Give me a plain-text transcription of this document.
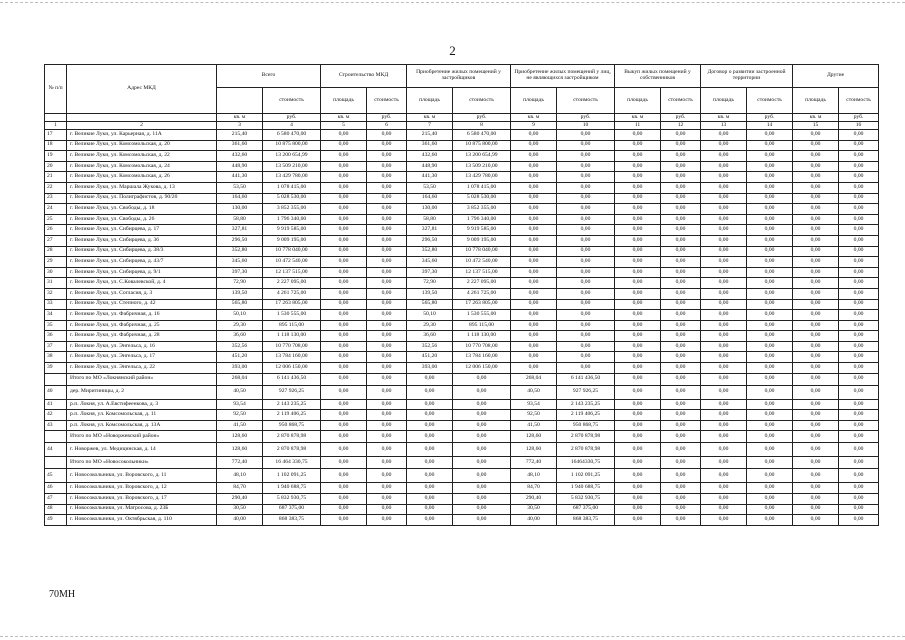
2
№ п/п	Адрес МКД	Всего		Строительство МКД		Приобретение жилых помещений у застройщиков		Приобретение жилых помещений у лиц, не являющихся застройщиком		Выкуп жилых помещений у собственников		Договор о развитии застроенной территории		Другие	
			стоимость	площадь	стоимость	площадь	стоимость	площадь	стоимость	площадь	стоимость	площадь	стоимость	площадь	стоимость
		кв. м	руб.	кв. м	руб.	кв. м	руб.	кв. м	руб.	кв. м	руб.	кв. м	руб.	кв. м	руб.
1	2	3	4	5	6	7	8	9	10	11	12	13	14	15	16
17	г. Великие Луки, ул. Карьерная, д. 11А	215,40	6 580 470,00	0,00	0,00	215,40	6 580 470,00	0,00	0,00	0,00	0,00	0,00	0,00	0,00	0,00
18	г. Великие Луки, ул. Комсомольская, д. 20	361,60	10 875 800,00	0,00	0,00	361,60	10 875 800,00	0,00	0,00	0,00	0,00	0,00	0,00	0,00	0,00
19	г. Великие Луки, ул. Комсомольская, д. 22	432,60	13 200 654,99	0,00	0,00	432,60	13 200 654,99	0,00	0,00	0,00	0,00	0,00	0,00	0,00	0,00
20	г. Великие Луки, ул. Комсомольская, д. 24	448,90	13 509 210,00	0,00	0,00	448,90	13 509 210,00	0,00	0,00	0,00	0,00	0,00	0,00	0,00	0,00
21	г. Великие Луки, ул. Комсомольская, д. 26	441,30	13 429 780,00	0,00	0,00	441,30	13 429 780,00	0,00	0,00	0,00	0,00	0,00	0,00	0,00	0,00
22	г. Великие Луки, ул. Маршала Жукова, д. 13	53,50	1 078 415,00	0,00	0,00	53,50	1 078 415,00	0,00	0,00	0,00	0,00	0,00	0,00	0,00	0,00
23	г. Великие Луки, ул. Полиграфистов, д. 90/20	164,60	5 028 530,00	0,00	0,00	164,60	5 028 530,00	0,00	0,00	0,00	0,00	0,00	0,00	0,00	0,00
24	г. Великие Луки, ул. Свободы, д. 18	130,00	3 852 355,00	0,00	0,00	130,00	3 852 355,00	0,00	0,00	0,00	0,00	0,00	0,00	0,00	0,00
25	г. Великие Луки, ул. Свободы, д. 26	58,80	1 796 340,00	0,00	0,00	58,80	1 796 340,00	0,00	0,00	0,00	0,00	0,00	0,00	0,00	0,00
26	г. Великие Луки, ул. Сибирцева, д. 17	327,81	9 919 585,00	0,00	0,00	327,81	9 919 585,00	0,00	0,00	0,00	0,00	0,00	0,00	0,00	0,00
27	г. Великие Луки, ул. Сибирцева, д. 36	296,50	9 009 195,00	0,00	0,00	296,50	9 009 195,00	0,00	0,00	0,00	0,00	0,00	0,00	0,00	0,00
28	г. Великие Луки, ул. Сибирцева, д. 38/3	352,80	10 778 040,00	0,00	0,00	352,80	10 778 040,00	0,00	0,00	0,00	0,00	0,00	0,00	0,00	0,00
29	г. Великие Луки, ул. Сибирцева, д. 43/7	345,60	10 472 540,00	0,00	0,00	345,60	10 472 540,00	0,00	0,00	0,00	0,00	0,00	0,00	0,00	0,00
30	г. Великие Луки, ул. Сибирцева, д. 9/1	397,30	12 137 515,00	0,00	0,00	397,30	12 137 515,00	0,00	0,00	0,00	0,00	0,00	0,00	0,00	0,00
31	г. Великие Луки, ул. С.Ковалевской, д. 4	72,90	2 227 095,00	0,00	0,00	72,90	2 227 095,00	0,00	0,00	0,00	0,00	0,00	0,00	0,00	0,00
32	г. Великие Луки, ул. Согласия, д. 3	139,50	4 261 725,00	0,00	0,00	139,50	4 261 725,00	0,00	0,00	0,00	0,00	0,00	0,00	0,00	0,00
33	г. Великие Луки, ул. Степного, д. 42	565,80	17 263 805,00	0,00	0,00	565,80	17 263 805,00	0,00	0,00	0,00	0,00	0,00	0,00	0,00	0,00
34	г. Великие Луки, ул. Фабричная, д. 16	50,10	1 530 555,00	0,00	0,00	50,10	1 530 555,00	0,00	0,00	0,00	0,00	0,00	0,00	0,00	0,00
35	г. Великие Луки, ул. Фабричная, д. 25	29,30	895 115,00	0,00	0,00	29,30	895 115,00	0,00	0,00	0,00	0,00	0,00	0,00	0,00	0,00
36	г. Великие Луки, ул. Фабричная, д. 28	36,60	1 118 130,00	0,00	0,00	36,60	1 118 130,00	0,00	0,00	0,00	0,00	0,00	0,00	0,00	0,00
37	г. Великие Луки, ул. Энгельса, д. 16	352,56	10 770 708,00	0,00	0,00	352,56	10 770 708,00	0,00	0,00	0,00	0,00	0,00	0,00	0,00	0,00
38	г. Великие Луки, ул. Энгельса, д. 17	451,20	13 784 160,00	0,00	0,00	451,20	13 784 160,00	0,00	0,00	0,00	0,00	0,00	0,00	0,00	0,00
39	г. Великие Луки, ул. Энгельса, д. 22	393,00	12 006 150,00	0,00	0,00	393,00	12 006 150,00	0,00	0,00	0,00	0,00	0,00	0,00	0,00	0,00
	Итого по МО «Локнянский район»	268,04	6 141 436,50	0,00	0,00	0,00	0,00	268,04	6 141 436,50	0,00	0,00	0,00	0,00	0,00	0,00
40	дер. Миритиницы, д. 2	40,50	927 926,25	0,00	0,00	0,00	0,00	40,50	927 926,25	0,00	0,00	0,00	0,00	0,00	0,00
41	р.п. Локня, ул. А.Евстифеенкова, д. 3	93,54	2 143 235,25	0,00	0,00	0,00	0,00	93,54	2 143 235,25	0,00	0,00	0,00	0,00	0,00	0,00
42	р.п. Локня, ул. Комсомольская, д. 11	92,50	2 119 406,25	0,00	0,00	0,00	0,00	92,50	2 119 406,25	0,00	0,00	0,00	0,00	0,00	0,00
43	р.п. Локня, ул. Комсомольская, д. 13А	41,50	950 868,75	0,00	0,00	0,00	0,00	41,50	950 868,75	0,00	0,00	0,00	0,00	0,00	0,00
	Итого по МО «Новоржевский район»	128,60	2 870 878,98	0,00	0,00	0,00	0,00	128,60	2 870 878,98	0,00	0,00	0,00	0,00	0,00	0,00
44	г. Новоржев, ул. Медицинская, д. 14	128,60	2 870 878,98	0,00	0,00	0,00	0,00	128,60	2 870 878,98	0,00	0,00	0,00	0,00	0,00	0,00
	Итого по МО «Новосокольники»	772,40	16 464 330,75	0,00	0,00	0,00	0,00	772,40	16464330,75	0,00	0,00	0,00	0,00	0,00	0,00
45	г. Новосокольники, ул. Воровского, д. 11	48,10	1 102 091,25	0,00	0,00	0,00	0,00	48,10	1 102 091,25	0,00	0,00	0,00	0,00	0,00	0,00
46	г. Новосокольники, ул. Воровского, д. 12	84,70	1 940 688,75	0,00	0,00	0,00	0,00	84,70	1 940 688,75	0,00	0,00	0,00	0,00	0,00	0,00
47	г. Новосокольники, ул. Воровского, д. 17	290,40	5 832 930,75	0,00	0,00	0,00	0,00	290,40	5 832 930,75	0,00	0,00	0,00	0,00	0,00	0,00
48	г. Новосокольники, ул. Матросова, д. 23Б	30,50	687 375,00	0,00	0,00	0,00	0,00	30,50	687 375,00	0,00	0,00	0,00	0,00	0,00	0,00
49	г. Новосокольники, ул. Октябрьская, д. 110	40,00	868 383,75	0,00	0,00	0,00	0,00	40,00	868 383,75	0,00	0,00	0,00	0,00	0,00	0,00
70МН
